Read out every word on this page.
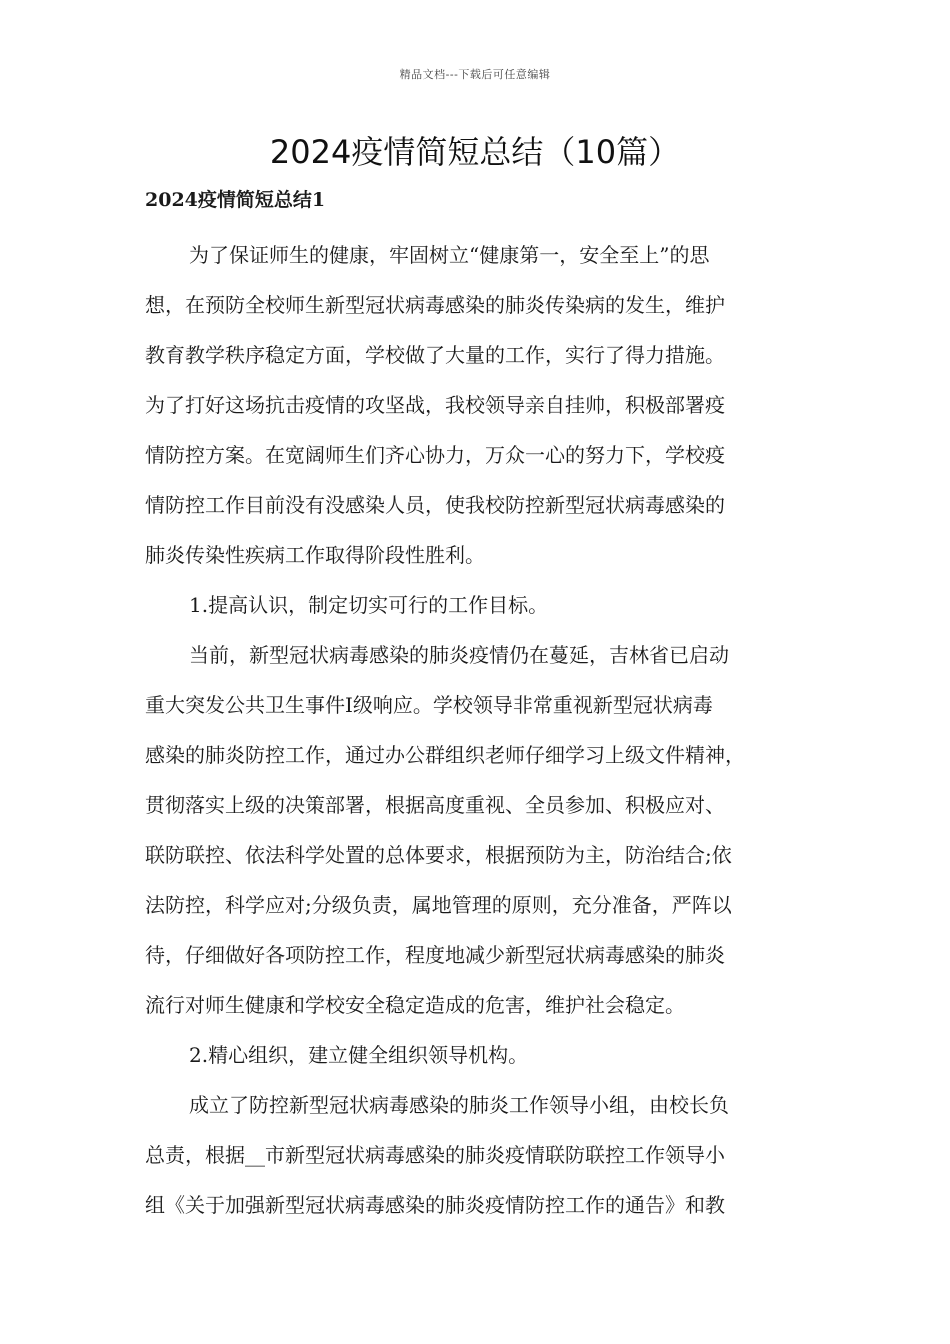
精品文档---下载后可任意编辑
2024疫情简短总结（10篇）
2024疫情简短总结1
为了保证师生的健康，牢固树立“健康第一，安全至上”的思
想，在预防全校师生新型冠状病毒感染的肺炎传染病的发生，维护
教育教学秩序稳定方面，学校做了大量的工作，实行了得力措施。
为了打好这场抗击疫情的攻坚战，我校领导亲自挂帅，积极部署疫
情防控方案。在宽阔师生们齐心协力，万众一心的努力下，学校疫
情防控工作目前没有没感染人员，使我校防控新型冠状病毒感染的
肺炎传染性疾病工作取得阶段性胜利。
1.提高认识，制定切实可行的工作目标。
当前，新型冠状病毒感染的肺炎疫情仍在蔓延，吉林省已启动
重大突发公共卫生事件Ⅰ级响应。学校领导非常重视新型冠状病毒
感染的肺炎防控工作，通过办公群组织老师仔细学习上级文件精神，
贯彻落实上级的决策部署，根据高度重视、全员参加、积极应对、
联防联控、依法科学处置的总体要求，根据预防为主，防治结合;依
法防控，科学应对;分级负责，属地管理的原则，充分准备，严阵以
待，仔细做好各项防控工作，程度地减少新型冠状病毒感染的肺炎
流行对师生健康和学校安全稳定造成的危害，维护社会稳定。
2.精心组织，建立健全组织领导机构。
成立了防控新型冠状病毒感染的肺炎工作领导小组，由校长负
总责，根据__市新型冠状病毒感染的肺炎疫情联防联控工作领导小
组《关于加强新型冠状病毒感染的肺炎疫情防控工作的通告》和教
